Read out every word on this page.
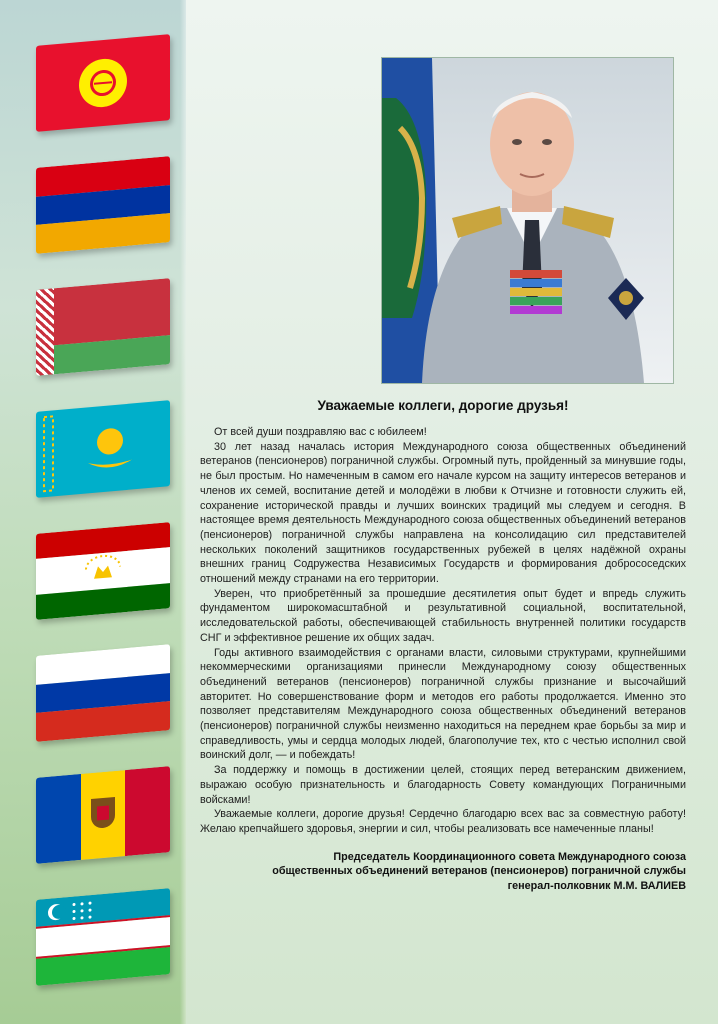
Уважаемые коллеги, дорогие друзья!

От всей души поздравляю вас с юбилеем!

30 лет назад началась история Международного союза общественных объединений ветеранов (пенсионеров) пограничной службы. Огромный путь, пройденный за минувшие годы, не был простым. Но намеченным в самом его начале курсом на защиту интересов ветеранов и членов их семей, воспитание детей и молодёжи в любви к Отчизне и готовности служить ей, сохранение исторической правды и лучших воинских традиций мы следуем и сегодня. В настоящее время деятельность Международного союза общественных объединений ветеранов (пенсионеров) пограничной службы направлена на консолидацию сил представителей нескольких поколений защитников государственных рубежей в целях надёжной охраны внешних границ Содружества Независимых Государств и формирования добрососедских отношений между странами на его территории.

Уверен, что приобретённый за прошедшие десятилетия опыт будет и впредь служить фундаментом широкомасштабной и результативной социальной, воспитательной, исследовательской работы, обеспечивающей стабильность внутренней политики государств СНГ и эффективное решение их общих задач.

Годы активного взаимодействия с органами власти, силовыми структурами, крупнейшими некоммерческими организациями принесли Международному союзу общественных объединений ветеранов (пенсионеров) пограничной службы признание и высочайший авторитет. Но совершенствование форм и методов его работы продолжается. Именно это позволяет представителям Международного союза общественных объединений ветеранов (пенсионеров) пограничной службы неизменно находиться на переднем крае борьбы за мир и справедливость, умы и сердца молодых людей, благополучие тех, кто с честью исполнил свой воинский долг, — и побеждать!

За поддержку и помощь в достижении целей, стоящих перед ветеранским движением, выражаю особую признательность и благодарность Совету командующих Пограничными войсками!

Уважаемые коллеги, дорогие друзья! Сердечно благодарю всех вас за совместную работу! Желаю крепчайшего здоровья, энергии и сил, чтобы реализовать все намеченные планы!

Председатель Координационного совета Международного союза
общественных объединений ветеранов (пенсионеров) пограничной службы
генерал-полковник М.М. ВАЛИЕВ
